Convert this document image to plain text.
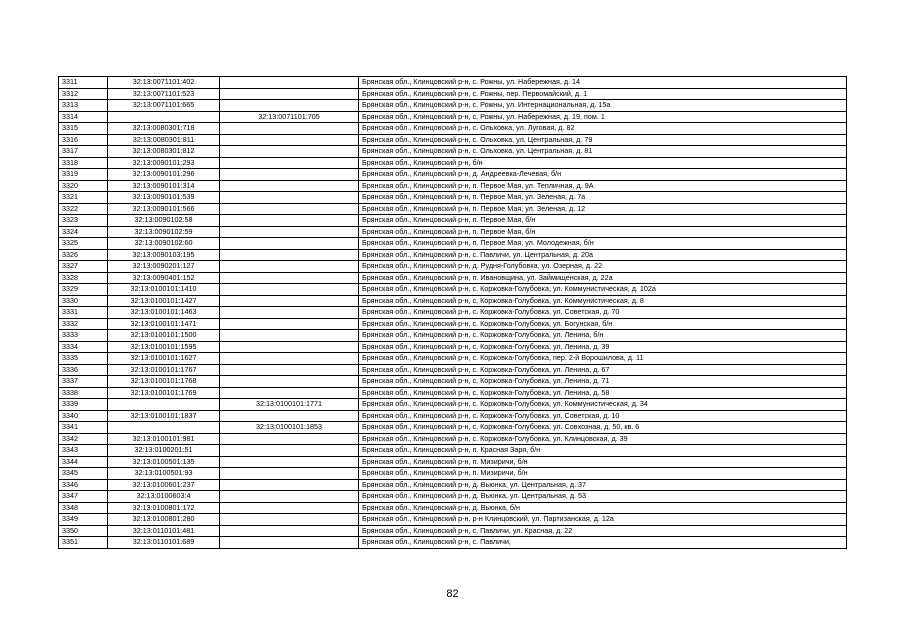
3311	32:13:0071101:402		Брянская обл., Клинцовский р-н, с. Рожны, ул. Набережная, д. 14
3312	32:13:0071101:523		Брянская обл., Клинцовский р-н, с. Рожны, пер. Первомайский, д. 1
3313	32:13:0071101:665		Брянская обл., Клинцовский р-н, с. Рожны, ул. Интернациональная, д. 15а
3314		32:13:0071101:705	Брянская обл., Клинцовский р-н, с. Рожны, ул. Набережная, д. 19, пом. 1
3315	32:13:0080301:718		Брянская обл., Клинцовский р-н, с. Ольховка, ул. Луговая, д. 82
3316	32:13:0080301:811		Брянская обл., Клинцовский р-н, с. Ольховка, ул. Центральная, д. 79
3317	32:13:0080301:812		Брянская обл., Клинцовский р-н, с. Ольховка, ул. Центральная, д. 81
3318	32:13:0090101:293		Брянская обл., Клинцовский р-н, б/н
3319	32:13:0090101:296		Брянская обл., Клинцовский р-н, д. Андреевка-Лечевая, б/н
3320	32:13:0090101:314		Брянская обл., Клинцовский р-н, п. Первое Мая, ул. Тепличная, д. 9А
3321	32:13:0090101:539		Брянская обл., Клинцовский р-н, п. Первое Мая, ул. Зеленая, д. 7а
3322	32:13:0090101:566		Брянская обл., Клинцовский р-н, п. Первое Мая, ул. Зеленая, д. 12
3323	32:13:0090102:58		Брянская обл., Клинцовский р-н, п. Первое Мая, б/н
3324	32:13:0090102:59		Брянская обл., Клинцовский р-н, п. Первое Мая, б/н
3325	32:13:0090102:60		Брянская обл., Клинцовский р-н, п. Первое Мая, ул. Молодежная, б/н
3326	32:13:0090103:195		Брянская обл., Клинцовский р-н, с. Павличи, ул. Центральная, д. 20а
3327	32:13:0090201:127		Брянская обл., Клинцовский р-н, д. Рудня-Голубовка, ул. Озерная, д. 22
3328	32:13:0090401:152		Брянская обл., Клинцовский р-н, п. Ивановщина, ул. Займищенская, д. 22а
3329	32:13:0100101:1410		Брянская обл., Клинцовский р-н, с. Коржовка-Голубовка, ул. Коммунистическая, д. 102а
3330	32:13:0100101:1427		Брянская обл., Клинцовский р-н, с. Коржовка-Голубовка, ул. Коммунистическая, д. 8
3331	32:13:0100101:1463		Брянская обл., Клинцовский р-н, с. Коржовка-Голубовка, ул. Советская, д. 70
3332	32:13:0100101:1471		Брянская обл., Клинцовский р-н, с. Коржовка-Голубовка, ул. Богунская, б/н
3333	32:13:0100101:1500		Брянская обл., Клинцовский р-н, с. Коржовка-Голубовка, ул. Ленина, б/н
3334	32:13:0100101:1595		Брянская обл., Клинцовский р-н, с. Коржовка-Голубовка, ул. Ленина, д. 39
3335	32:13:0100101:1627		Брянская обл., Клинцовский р-н, с. Коржовка-Голубовка, пер. 2-й Ворошилова, д. 11
3336	32:13:0100101:1767		Брянская обл., Клинцовский р-н, с. Коржовка-Голубовка, ул. Ленина, д. 67
3337	32:13:0100101:1768		Брянская обл., Клинцовский р-н, с. Коржовка-Голубовка, ул. Ленина, д. 71
3338	32:13:0100101:1769		Брянская обл., Клинцовский р-н, с. Коржовка-Голубовка, ул. Ленина, д. 58
3339		32:13:0100101:1771	Брянская обл., Клинцовский р-н, с. Коржовка-Голубовка, ул. Коммунистическая, д. 34
3340	32:13:0100101:1837		Брянская обл., Клинцовский р-н, с. Коржовка-Голубовка, ул. Советская, д. 10
3341		32:13:0100101:1853	Брянская обл., Клинцовский р-н, с. Коржовка-Голубовка, ул. Совхозная, д. 50, кв. 6
3342	32:13:0100101:981		Брянская обл., Клинцовский р-н, с. Коржовка-Голубовка, ул. Клинцовская, д. 39
3343	32:13:0100201:51		Брянская обл., Клинцовский р-н, п. Красная Заря, б/н
3344	32:13:0100501:135		Брянская обл., Клинцовский р-н, п. Мизиричи, б/н
3345	32:13:0100501:93		Брянская обл., Клинцовский р-н, п. Мизиричи, б/н
3346	32:13:0100601:237		Брянская обл., Клинцовский р-н, д. Вьюнка, ул. Центральная, д. 37
3347	32:13:0100603:4		Брянская обл., Клинцовский р-н, д. Вьюнка, ул. Центральная, д. 53
3348	32:13:0100801:172		Брянская обл., Клинцовский р-н, д. Вьюнка, б/н
3349	32:13:0100801:280		Брянская обл., Клинцовский р-н, р-н Клинцовский, ул. Партизанская, д. 12а
3350	32:13:0110101:481		Брянская обл., Клинцовский р-н, с. Павличи, ул. Красная, д. 22
3351	32:13:0110101:689		Брянская обл., Клинцовский р-н, с. Павличи,
82
